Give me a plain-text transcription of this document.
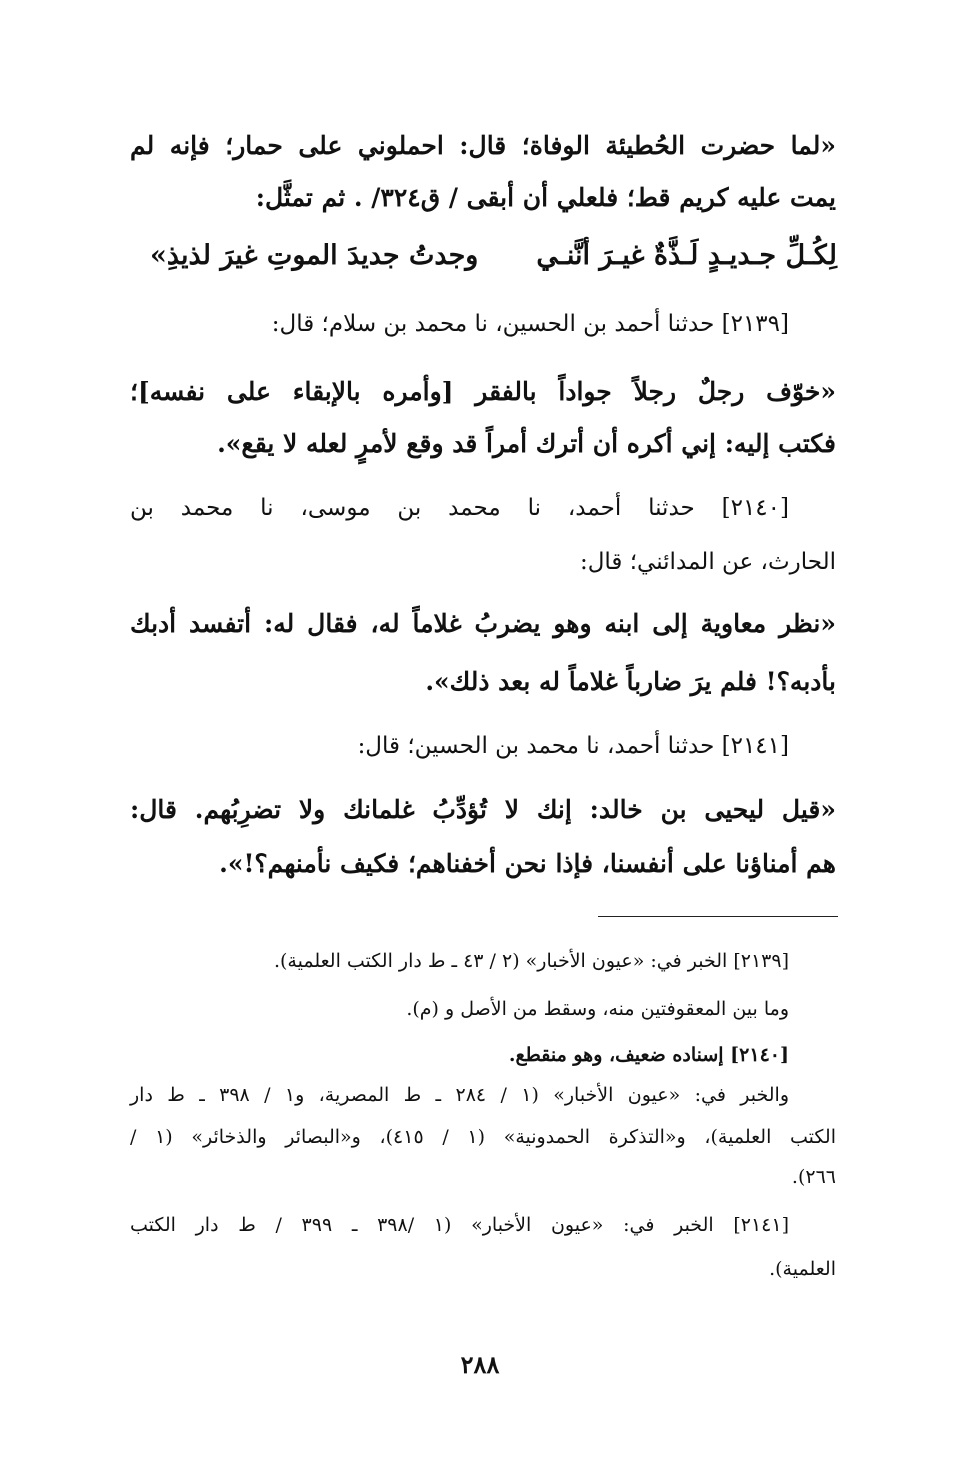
«لما حضرت الحُطيئة الوفاة؛ قال: احملوني على حمار؛ فإنه لم
يمت عليه كريم قط؛ فلعلي أن أبقى / ق٣٢٤/ . ثم تمثَّل:
لِكُـلِّ جـديـدٍ لَـذَّةٌ غيـرَ أنَّنـي
وجدتُ جديدَ الموتِ غيرَ لذيذِ»
[٢١٣٩] حدثنا أحمد بن الحسين، نا محمد بن سلام؛ قال:
«خوّف رجلٌ رجلاً جواداً بالفقر [وأمره بالإبقاء على نفسه]؛
فكتب إليه: إني أكره أن أترك أمراً قد وقع لأمرٍ لعله لا يقع».
[٢١٤٠] حدثنا أحمد، نا محمد بن موسى، نا محمد بن
الحارث، عن المدائني؛ قال:
«نظر معاوية إلى ابنه وهو يضربُ غلاماً له، فقال له: أتفسد أدبك
بأدبه؟! فلم يرَ ضارباً غلاماً له بعد ذلك».
[٢١٤١] حدثنا أحمد، نا محمد بن الحسين؛ قال:
«قيل ليحيى بن خالد: إنك لا تُؤدِّبُ غلمانك ولا تضرِبُهم. قال:
هم أمناؤنا على أنفسنا، فإذا نحن أخفناهم؛ فكيف نأمنهم؟!».
[٢١٣٩] الخبر في: «عيون الأخبار» (٢ / ٤٣ ـ ط دار الكتب العلمية).
وما بين المعقوفتين منه، وسقط من الأصل و (م).
[٢١٤٠] إسناده ضعيف، وهو منقطع.
والخبر في: «عيون الأخبار» (١ / ٢٨٤ ـ ط المصرية، و١ / ٣٩٨ ـ ط دار
الكتب العلمية)، و«التذكرة الحمدونية» (١ / ٤١٥)، و«البصائر والذخائر» (١ /
٢٦٦).
[٢١٤١] الخبر في: «عيون الأخبار» (١ /٣٩٨ ـ ٣٩٩ / ط دار الكتب
العلمية).
٢٨٨
